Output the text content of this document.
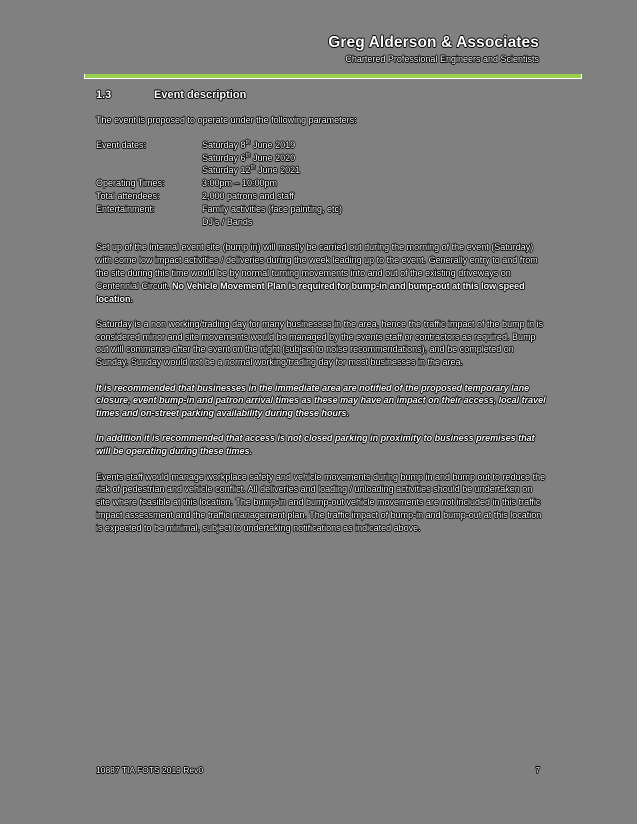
Greg Alderson & Associates
Chartered Professional Engineers and Scientists
1.3	Event description
The event is proposed to operate under the following parameters:
Event dates:	Saturday 8th June 2019
Saturday 6th June 2020
Saturday 12th June 2021
Operating Times:	3:00pm – 10:00pm
Total attendees:	2,000 patrons and staff
Entertainment:	Family activities (face painting, etc)
DJ’s / Bands

Set up of the internal event site (bump in) will mostly be carried out during the morning of the event (Saturday) with some low impact activities / deliveries during the week leading up to the event. Generally entry to and from the site during this time would be by normal turning movements into and out of the existing driveways on Centennial Circuit. No Vehicle Movement Plan is required for bump-in and bump-out at this low speed location.

Saturday is a non working/trading day for many businesses in the area, hence the traffic impact of the bump in is considered minor and site movements would be managed by the events staff or contractors as required. Bump out will commence after the event on the night (subject to noise recommendations), and be completed on Sunday. Sunday would not be a normal working/trading day for most businesses in the area.

It is recommended that businesses in the immediate area are notified of the proposed temporary lane closure, event bump-in and patron arrival times as these may have an impact on their access, local travel times and on-street parking availability during these hours.

In addition it is recommended that access is not closed parking in proximity to business premises that will be operating during these times.

Events staff would manage workplace safety and vehicle movements during bump in and bump out to reduce the risk of pedestrian and vehicle conflict. All deliveries and loading / unloading activities should be undertaken on site where feasible at this location. The bump-in and bump-out vehicle movements are not included in this traffic impact assessment and the traffic management plan. The traffic impact of bump-in and bump-out at this location is expected to be minimal, subject to undertaking notifications as indicated above.

10887 TIA FOTS 2019 Rev0	7
